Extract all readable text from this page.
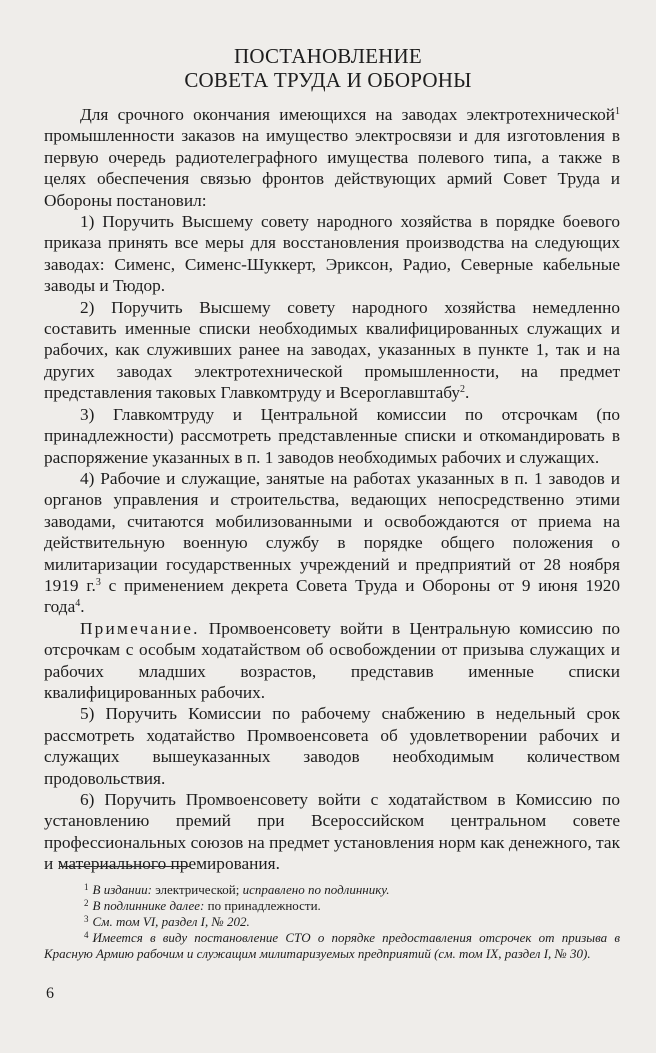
ПОСТАНОВЛЕНИЕ
СОВЕТА ТРУДА И ОБОРОНЫ

Для срочного окончания имеющихся на заводах электротехнической$^1$ промышленности заказов на имущество электросвязи и для изготовления в первую очередь радиотелеграфного имущества полевого типа, а также в целях обеспечения связью фронтов действующих армий Совет Труда и Обороны постановил:

1) Поручить Высшему совету народного хозяйства в порядке боевого приказа принять все меры для восстановления производства на следующих заводах: Сименс, Сименс-Шуккерт, Эриксон, Радио, Северные кабельные заводы и Тюдор.

2) Поручить Высшему совету народного хозяйства немедленно составить именные списки необходимых квалифицированных служащих и рабочих, как служивших ранее на заводах, указанных в пункте 1, так и на других заводах электротехнической промышленности, на предмет представления таковых Главкомтруду и Всероглавштабу$^2$.

3) Главкомтруду и Центральной комиссии по отсрочкам (по принадлежности) рассмотреть представленные списки и откомандировать в распоряжение указанных в п. 1 заводов необходимых рабочих и служащих.

4) Рабочие и служащие, занятые на работах указанных в п. 1 заводов и органов управления и строительства, ведающих непосредственно этими заводами, считаются мобилизованными и освобождаются от приема на действительную военную службу в порядке общего положения о милитаризации государственных учреждений и предприятий от 28 ноября 1919 г.$^3$ с применением декрета Совета Труда и Обороны от 9 июня 1920 года$^4$.

Примечание. Промвоенсовету войти в Центральную комиссию по отсрочкам с особым ходатайством об освобождении от призыва служащих и рабочих младших возрастов, представив именные списки квалифицированных рабочих.

5) Поручить Комиссии по рабочему снабжению в недельный срок рассмотреть ходатайство Промвоенсовета об удовлетворении рабочих и служащих вышеуказанных заводов необходимым количеством продовольствия.

6) Поручить Промвоенсовету войти с ходатайством в Комиссию по установлению премий при Всероссийском центральном совете профессиональных союзов на предмет установления норм как денежного, так и материального премирования.

$^1$ В издании: электрической; исправлено по подлиннику.
$^2$ В подлиннике далее: по принадлежности.
$^3$ См. том VI, раздел I, № 202.
$^4$ Имеется в виду постановление СТО о порядке предоставления отсрочек от призыва в Красную Армию рабочим и служащим милитаризуемых предприятий (см. том IX, раздел I, № 30).
6
